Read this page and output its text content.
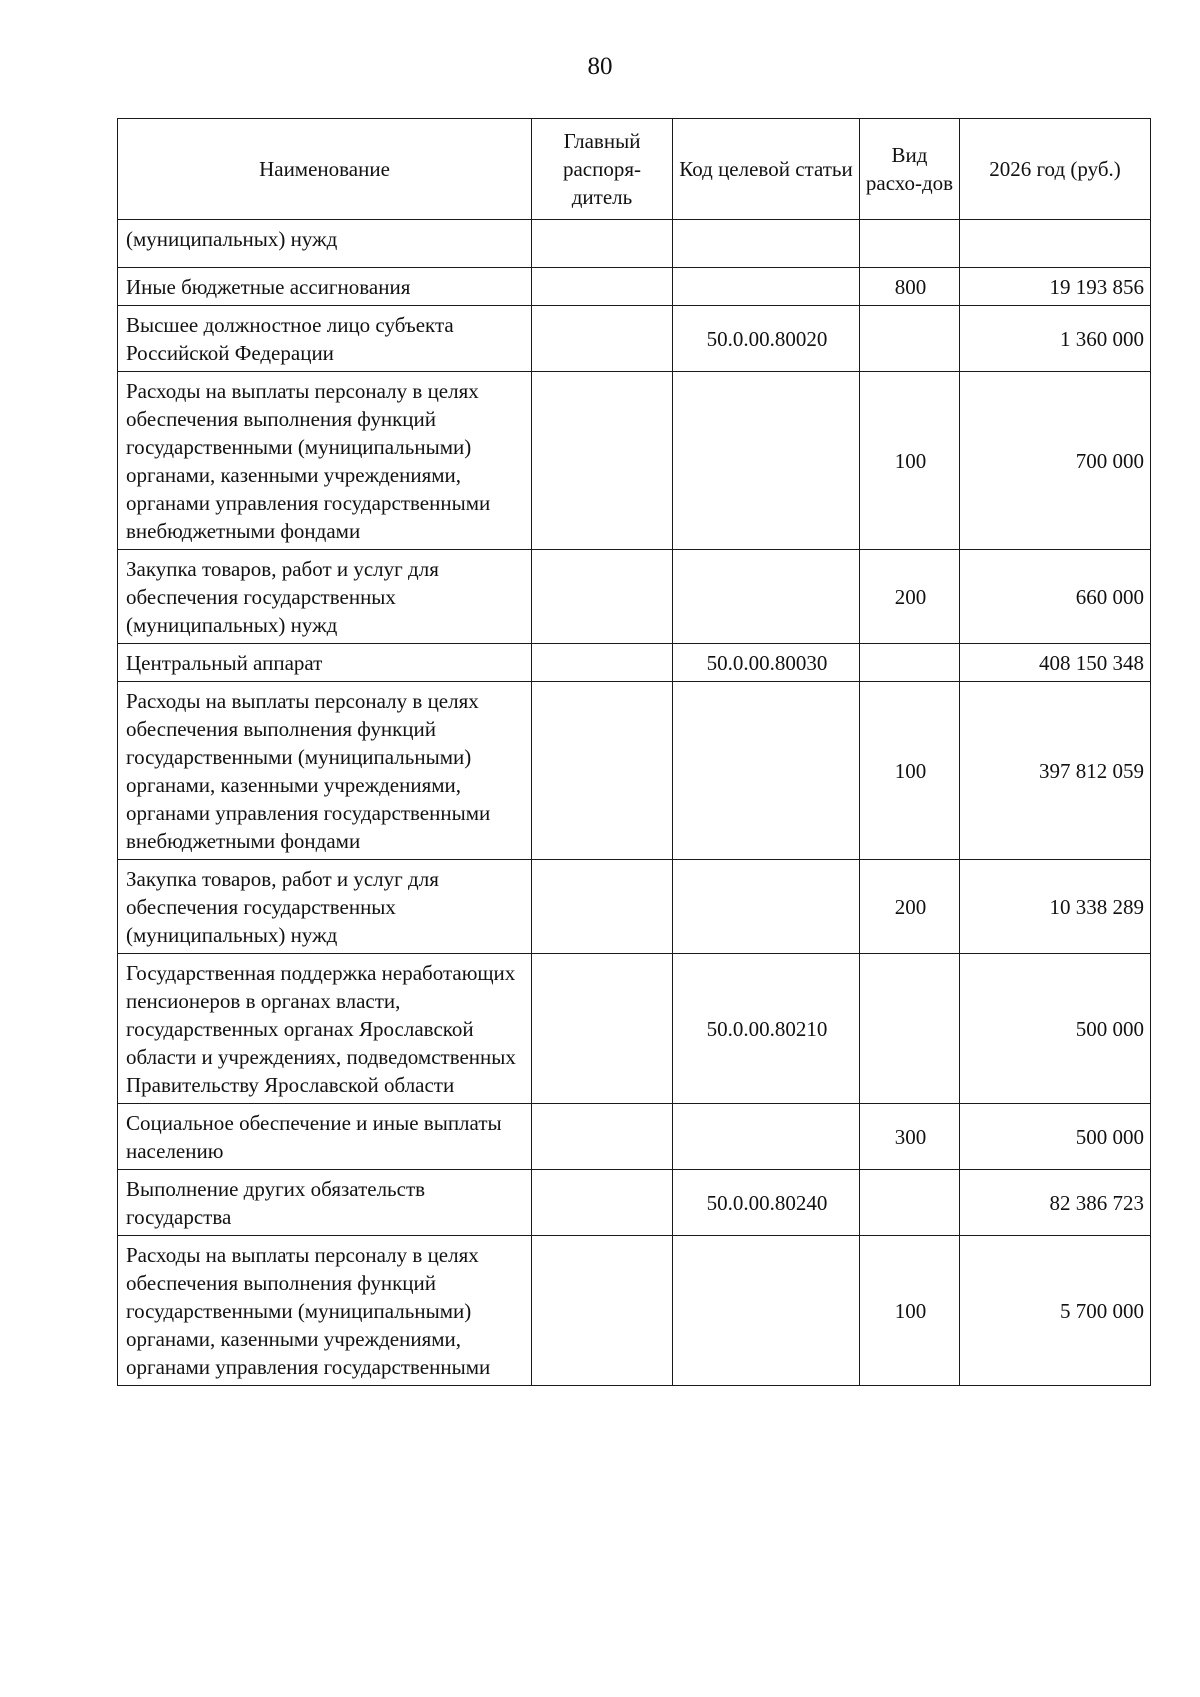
80
Наименование	Главный распоря-дитель	Код целевой статьи	Вид расхо-дов	2026 год (руб.)
(муниципальных) нужд				
Иные бюджетные ассигнования			800	19 193 856
Высшее должностное лицо субъекта Российской Федерации		50.0.00.80020		1 360 000
Расходы на выплаты персоналу в целях обеспечения выполнения функций государственными (муниципальными) органами, казенными учреждениями, органами управления государственными внебюджетными фондами			100	700 000
Закупка товаров, работ и услуг для обеспечения государственных (муниципальных) нужд			200	660 000
Центральный аппарат		50.0.00.80030		408 150 348
Расходы на выплаты персоналу в целях обеспечения выполнения функций государственными (муниципальными) органами, казенными учреждениями, органами управления государственными внебюджетными фондами			100	397 812 059
Закупка товаров, работ и услуг для обеспечения государственных (муниципальных) нужд			200	10 338 289
Государственная поддержка неработающих пенсионеров в органах власти, государственных органах Ярославской области и учреждениях, подведомственных Правительству Ярославской области		50.0.00.80210		500 000
Социальное обеспечение и иные выплаты населению			300	500 000
Выполнение других обязательств государства		50.0.00.80240		82 386 723
Расходы на выплаты персоналу в целях обеспечения выполнения функций государственными (муниципальными) органами, казенными учреждениями, органами управления государственными			100	5 700 000
